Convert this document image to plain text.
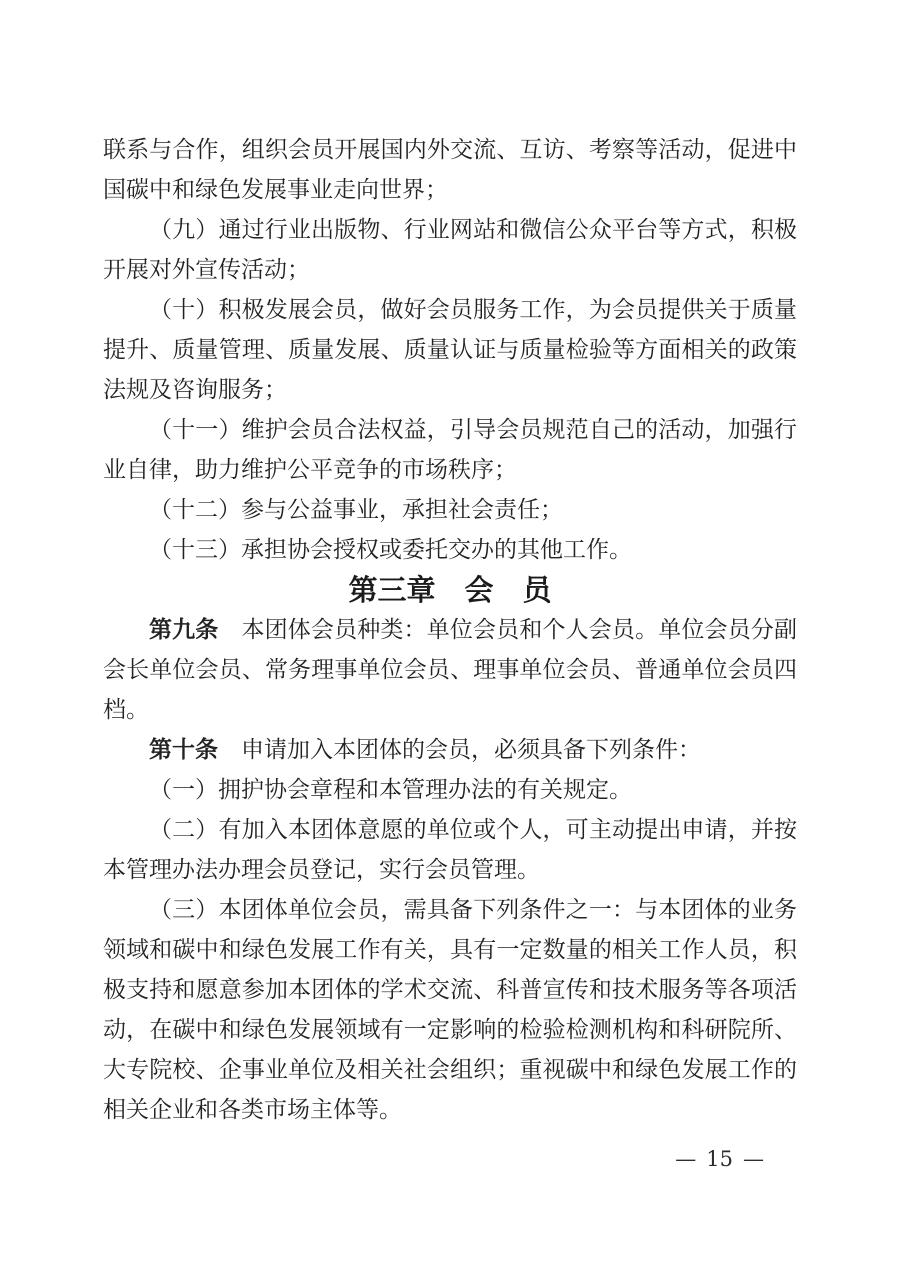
联系与合作，组织会员开展国内外交流、互访、考察等活动，促进中国碳中和绿色发展事业走向世界；

（九）通过行业出版物、行业网站和微信公众平台等方式，积极开展对外宣传活动；

（十）积极发展会员，做好会员服务工作，为会员提供关于质量提升、质量管理、质量发展、质量认证与质量检验等方面相关的政策法规及咨询服务；

（十一）维护会员合法权益，引导会员规范自己的活动，加强行业自律，助力维护公平竞争的市场秩序；

（十二）参与公益事业，承担社会责任；

（十三）承担协会授权或委托交办的其他工作。

第三章　会　员

第九条 本团体会员种类：单位会员和个人会员。单位会员分副会长单位会员、常务理事单位会员、理事单位会员、普通单位会员四档。

第十条 申请加入本团体的会员，必须具备下列条件：

（一）拥护协会章程和本管理办法的有关规定。

（二）有加入本团体意愿的单位或个人，可主动提出申请，并按本管理办法办理会员登记，实行会员管理。

（三）本团体单位会员，需具备下列条件之一：与本团体的业务领域和碳中和绿色发展工作有关，具有一定数量的相关工作人员，积极支持和愿意参加本团体的学术交流、科普宣传和技术服务等各项活动，在碳中和绿色发展领域有一定影响的检验检测机构和科研院所、大专院校、企事业单位及相关社会组织；重视碳中和绿色发展工作的相关企业和各类市场主体等。

— 15 —
